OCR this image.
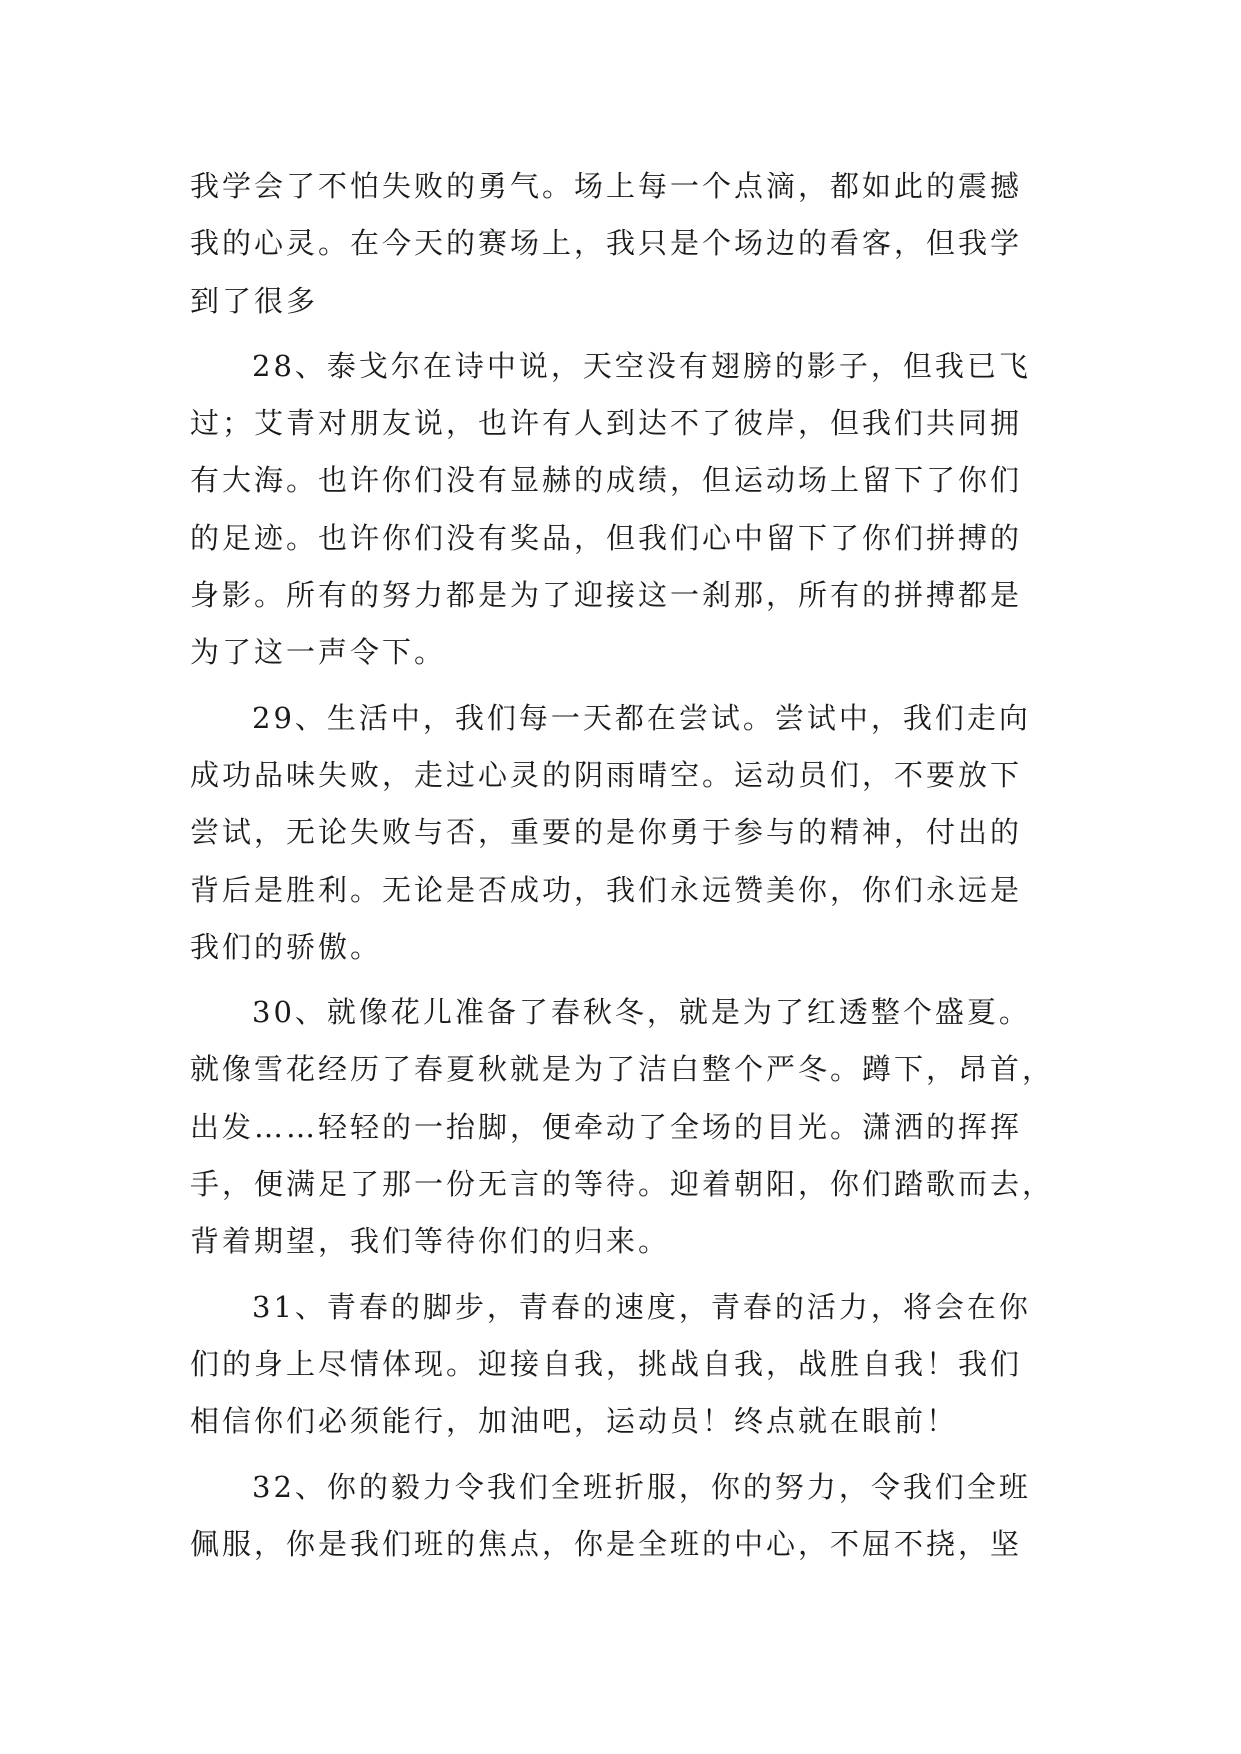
我学会了不怕失败的勇气。场上每一个点滴，都如此的震撼
我的心灵。在今天的赛场上，我只是个场边的看客，但我学
到了很多
28、泰戈尔在诗中说，天空没有翅膀的影子，但我已飞
过；艾青对朋友说，也许有人到达不了彼岸，但我们共同拥
有大海。也许你们没有显赫的成绩，但运动场上留下了你们
的足迹。也许你们没有奖品，但我们心中留下了你们拼搏的
身影。所有的努力都是为了迎接这一刹那，所有的拼搏都是
为了这一声令下。
29、生活中，我们每一天都在尝试。尝试中，我们走向
成功品味失败，走过心灵的阴雨晴空。运动员们，不要放下
尝试，无论失败与否，重要的是你勇于参与的精神，付出的
背后是胜利。无论是否成功，我们永远赞美你，你们永远是
我们的骄傲。
30、就像花儿准备了春秋冬，就是为了红透整个盛夏。
就像雪花经历了春夏秋就是为了洁白整个严冬。蹲下，昂首，
出发……轻轻的一抬脚，便牵动了全场的目光。潇洒的挥挥
手，便满足了那一份无言的等待。迎着朝阳，你们踏歌而去，
背着期望，我们等待你们的归来。
31、青春的脚步，青春的速度，青春的活力，将会在你
们的身上尽情体现。迎接自我，挑战自我，战胜自我！我们
相信你们必须能行，加油吧，运动员！终点就在眼前！
32、你的毅力令我们全班折服，你的努力，令我们全班
佩服，你是我们班的焦点，你是全班的中心，不屈不挠，坚
